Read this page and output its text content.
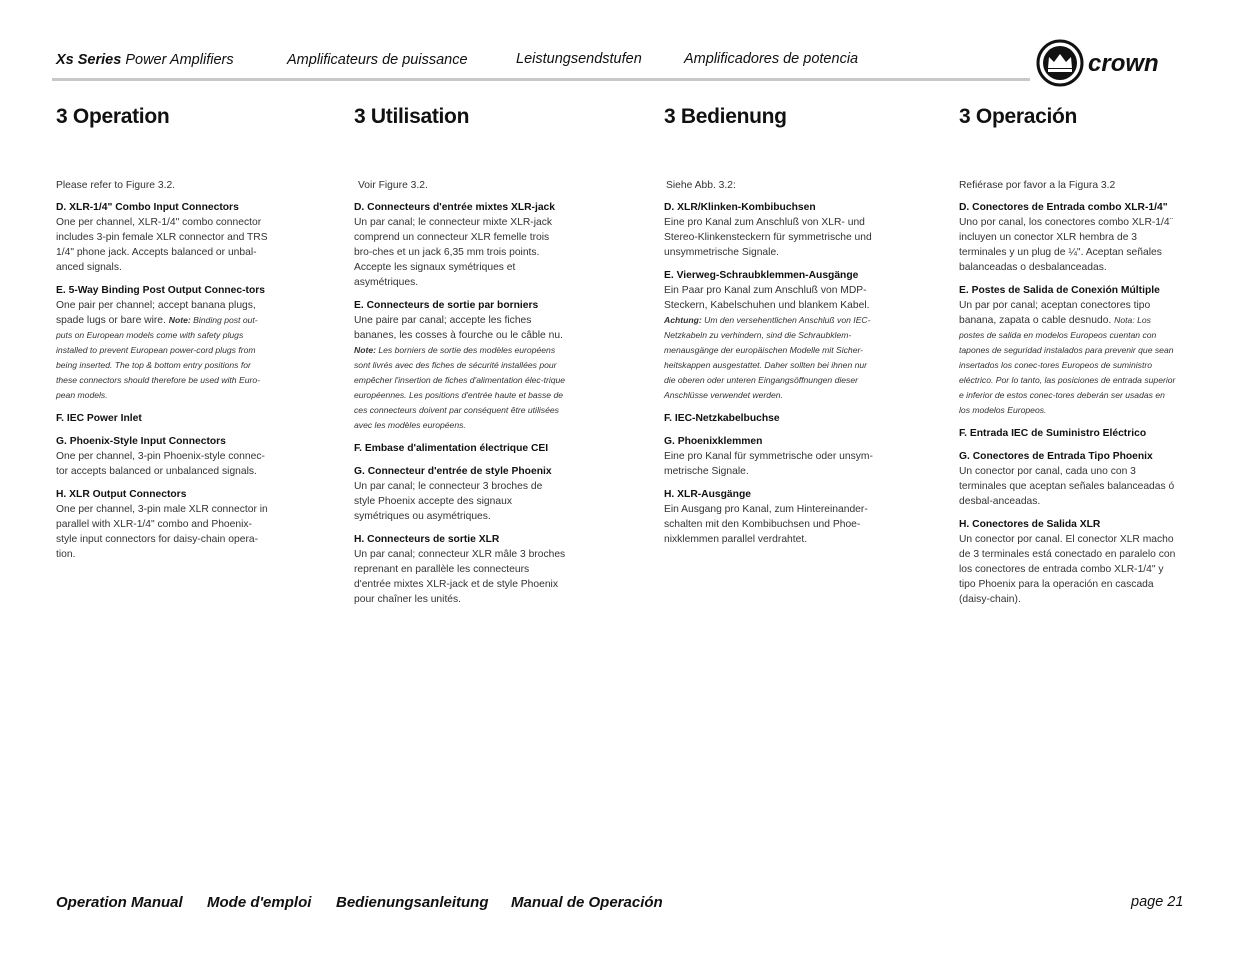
Xs Series Power Amplifiers	Amplificateurs de puissance	Leistungsendstufen	Amplificadores de potencia	crown
3 Operation
Please refer to Figure 3.2.
D. XLR-1/4" Combo Input Connectors
One per channel, XLR-1/4" combo connector includes 3-pin female XLR connector and TRS 1/4" phone jack. Accepts balanced or unbal-anced signals.
E. 5-Way Binding Post Output Connec-tors
One pair per channel; accept banana plugs, spade lugs or bare wire. Note: Binding post out-puts on European models come with safety plugs installed to prevent European power-cord plugs from being inserted. The top & bottom entry positions for these connectors should therefore be used with Euro-pean models.
F. IEC Power Inlet
G. Phoenix-Style Input Connectors
One per channel, 3-pin Phoenix-style connec-tor accepts balanced or unbalanced signals.
H. XLR Output Connectors
One per channel, 3-pin male XLR connector in parallel with XLR-1/4" combo and Phoenix-style input connectors for daisy-chain opera-tion.
3 Utilisation
Voir Figure 3.2.
D. Connecteurs d'entrée mixtes XLR-jack
Un par canal; le connecteur mixte XLR-jack comprend un connecteur XLR femelle trois bro-ches et un jack 6,35 mm trois points. Accepte les signaux symétriques et asymétriques.
E. Connecteurs de sortie par borniers
Une paire par canal; accepte les fiches bananes, les cosses à fourche ou le câble nu. Note: Les borniers de sortie des modèles européens sont livrés avec des fiches de sécurité installées pour empêcher l'insertion de fiches d'alimentation élec-trique européennes. Les positions d'entrée haute et basse de ces connecteurs doivent par conséquent être utilisées avec les modèles européens.
F. Embase d'alimentation électrique CEI
G. Connecteur d'entrée de style Phoenix
Un par canal; le connecteur 3 broches de style Phoenix accepte des signaux symétriques ou asymétriques.
H. Connecteurs de sortie XLR
Un par canal; connecteur XLR mâle 3 broches reprenant en parallèle les connecteurs d'entrée mixtes XLR-jack et de style Phoenix pour chaîner les unités.
3 Bedienung
Siehe Abb. 3.2:
D. XLR/Klinken-Kombibuchsen
Eine pro Kanal zum Anschluß von XLR- und Stereo-Klinkensteckern für symmetrische und unsymmetrische Signale.
E. Vierweg-Schraubklemmen-Ausgänge
Ein Paar pro Kanal zum Anschluß von MDP-Steckern, Kabelschuhen und blankem Kabel. Achtung: Um den versehentlichen Anschluß von IEC-Netzkabeln zu verhindern, sind die Schraubklem-menausgänge der europäischen Modelle mit Sicher-heitskappen ausgestattet. Daher sollten bei ihnen nur die oberen oder unteren Eingangsöffnungen dieser Anschlüsse verwendet werden.
F. IEC-Netzkabelbuchse
G. Phoenixklemmen
Eine pro Kanal für symmetrische oder unsym-metrische Signale.
H. XLR-Ausgänge
Ein Ausgang pro Kanal, zum Hintereinander-schalten mit den Kombibuchsen und Phoe-nixklemmen parallel verdrahtet.
3 Operación
Refiérase por favor a la Figura 3.2
D. Conectores de Entrada combo XLR-1/4"
Uno por canal, los conectores combo XLR-1/4¨ incluyen un conector XLR hembra de 3 terminales y un plug de ¼". Aceptan señales balanceadas o desbalanceadas.
E. Postes de Salida de Conexión Múltiple
Un par por canal; aceptan conectores tipo banana, zapata o cable desnudo. Nota: Los postes de salida en modelos Europeos cuentan con tapones de seguridad instalados para prevenir que sean insertados los conec-tores Europeos de suministro eléctrico. Por lo tanto, las posiciones de entrada superior e inferior de estos conec-tores deberán ser usadas en los modelos Europeos.
F. Entrada IEC de Suministro Eléctrico
G. Conectores de Entrada Tipo Phoenix
Un conector por canal, cada uno con 3 terminales que aceptan señales balanceadas ó desbal-anceadas.
H. Conectores de Salida XLR
Un conector por canal. El conector XLR macho de 3 terminales está conectado en paralelo con los conectores de entrada combo XLR-1/4" y tipo Phoenix para la operación en cascada (daisy-chain).
Operation Manual Mode d'emploi Bedienungsanleitung Manual de Operación	page 21
